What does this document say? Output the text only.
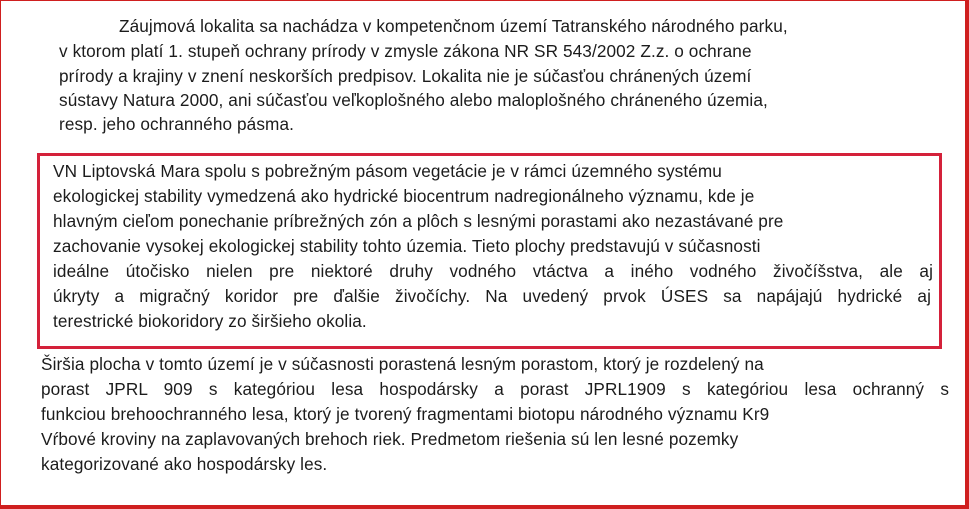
Záujmová lokalita sa nachádza v kompetenčnom území Tatranského národného parku,
v ktorom platí 1. stupeň ochrany prírody v zmysle zákona NR SR 543/2002 Z.z. o ochrane
prírody a krajiny v znení neskorších predpisov. Lokalita nie je súčasťou chránených území
sústavy Natura 2000, ani súčasťou veľkoplošného alebo maloplošného chráneného územia,
resp. jeho ochranného pásma.
VN Liptovská Mara spolu s pobrežným pásom vegetácie je v rámci územného systému
ekologickej stability vymedzená ako hydrické biocentrum nadregionálneho významu, kde je
hlavným cieľom ponechanie príbrežných zón a plôch s lesnými porastami ako nezastávané pre
zachovanie vysokej ekologickej stability tohto územia. Tieto plochy predstavujú v súčasnosti
ideálne útočisko nielen pre niektoré druhy vodného vtáctva a iného vodného živočíšstva, ale aj
úkryty a migračný koridor pre ďalšie živočíchy. Na uvedený prvok ÚSES sa napájajú hydrické aj
terestrické biokoridory zo širšieho okolia.
Širšia plocha v tomto území je v súčasnosti porastená lesným porastom, ktorý je rozdelený na
porast JPRL 909 s kategóriou lesa hospodársky a porast JPRL1909 s kategóriou lesa ochranný s
funkciou brehoochranného lesa, ktorý je tvorený fragmentami biotopu národného významu Kr9
Vŕbové kroviny na zaplavovaných brehoch riek. Predmetom riešenia sú len lesné pozemky
kategorizované ako hospodársky les.
